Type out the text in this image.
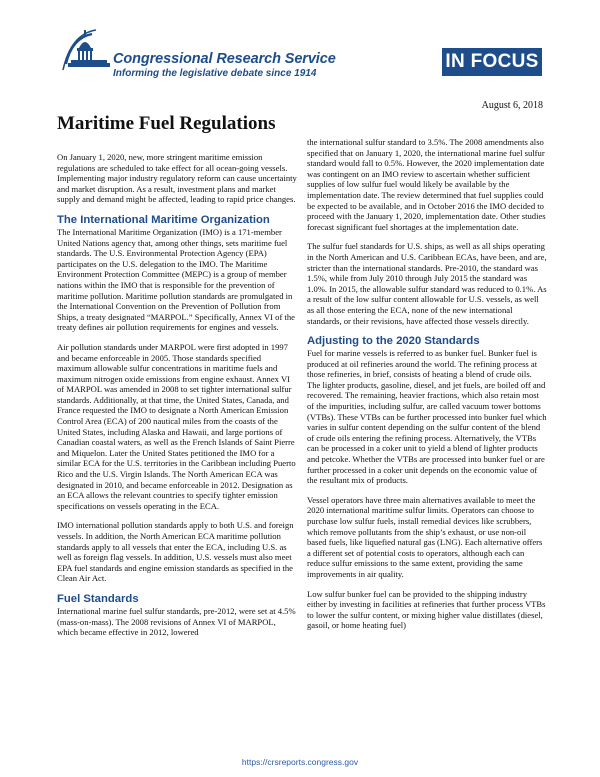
Congressional Research Service
Informing the legislative debate since 1914
IN FOCUS
August 6, 2018
Maritime Fuel Regulations

On January 1, 2020, new, more stringent maritime emission regulations are scheduled to take effect for all ocean-going vessels. Implementing major industry regulatory reform can cause uncertainty and market disruption. As a result, investment plans and market supply and demand might be affected, leading to rapid price changes.

The International Maritime Organization

The International Maritime Organization (IMO) is a 171-member United Nations agency that, among other things, sets maritime fuel standards. The U.S. Environmental Protection Agency (EPA) participates on the U.S. delegation to the IMO. The Maritime Environment Protection Committee (MEPC) is a group of member nations within the IMO that is responsible for the prevention of maritime pollution. Maritime pollution standards are promulgated in the International Convention on the Prevention of Pollution from Ships, a treaty designated “MARPOL.” Specifically, Annex VI of the treaty defines air pollution requirements for engines and vessels.

Air pollution standards under MARPOL were first adopted in 1997 and became enforceable in 2005. Those standards specified maximum allowable sulfur concentrations in maritime fuels and maximum nitrogen oxide emissions from engine exhaust. Annex VI of MARPOL was amended in 2008 to set tighter international sulfur standards. Additionally, at that time, the United States, Canada, and France requested the IMO to designate a North American Emission Control Area (ECA) of 200 nautical miles from the coasts of the United States, including Alaska and Hawaii, and large portions of Canadian coastal waters, as well as the French Islands of Saint Pierre and Miquelon. Later the United States petitioned the IMO for a similar ECA for the U.S. territories in the Caribbean including Puerto Rico and the U.S. Virgin Islands. The North American ECA was designated in 2010, and became enforceable in 2012. Designation as an ECA allows the relevant countries to specify tighter emission specifications on vessels operating in the ECA.

IMO international pollution standards apply to both U.S. and foreign vessels. In addition, the North American ECA maritime pollution standards apply to all vessels that enter the ECA, including U.S. as well as foreign flag vessels. In addition, U.S. vessels must also meet EPA fuel standards and engine emission standards as specified in the Clean Air Act.

Fuel Standards

International marine fuel sulfur standards, pre-2012, were set at 4.5% (mass-on-mass). The 2008 revisions of Annex VI of MARPOL, which became effective in 2012, lowered

the international sulfur standard to 3.5%. The 2008 amendments also specified that on January 1, 2020, the international marine fuel sulfur standard would fall to 0.5%. However, the 2020 implementation date was contingent on an IMO review to ascertain whether sufficient supplies of low sulfur fuel would likely be available by the implementation date. The review determined that fuel supplies could be expected to be available, and in October 2016 the IMO decided to proceed with the January 1, 2020, implementation date. Other studies forecast significant fuel shortages at the implementation date.

The sulfur fuel standards for U.S. ships, as well as all ships operating in the North American and U.S. Caribbean ECAs, have been, and are, stricter than the international standards. Pre-2010, the standard was 1.5%, while from July 2010 through July 2015 the standard was 1.0%. In 2015, the allowable sulfur standard was reduced to 0.1%. As a result of the low sulfur content allowable for U.S. vessels, as well as all those entering the ECA, none of the new international standards, or their revisions, have affected those vessels directly.

Adjusting to the 2020 Standards

Fuel for marine vessels is referred to as bunker fuel. Bunker fuel is produced at oil refineries around the world. The refining process at those refineries, in brief, consists of heating a blend of crude oils. The lighter products, gasoline, diesel, and jet fuels, are boiled off and recovered. The remaining, heavier fractions, which also retain most of the impurities, including sulfur, are called vacuum tower bottoms (VTBs). These VTBs can be further processed into bunker fuel which varies in sulfur content depending on the sulfur content of the blend of crude oils entering the refining process. Alternatively, the VTBs can be processed in a coker unit to yield a blend of lighter products and petcoke. Whether the VTBs are processed into bunker fuel or are further processed in a coker unit depends on the economic value of the resultant mix of products.

Vessel operators have three main alternatives available to meet the 2020 international maritime sulfur limits. Operators can choose to purchase low sulfur fuels, install remedial devices like scrubbers, which remove pollutants from the ship’s exhaust, or use non-oil based fuels, like liquefied natural gas (LNG). Each alternative offers a different set of potential costs to operators, although each can reduce sulfur emissions to the same extent, providing the same improvements in air quality.

Low sulfur bunker fuel can be provided to the shipping industry either by investing in facilities at refineries that further process VTBs to lower the sulfur content, or mixing higher value distillates (diesel, gasoil, or home heating fuel)

https://crsreports.congress.gov
